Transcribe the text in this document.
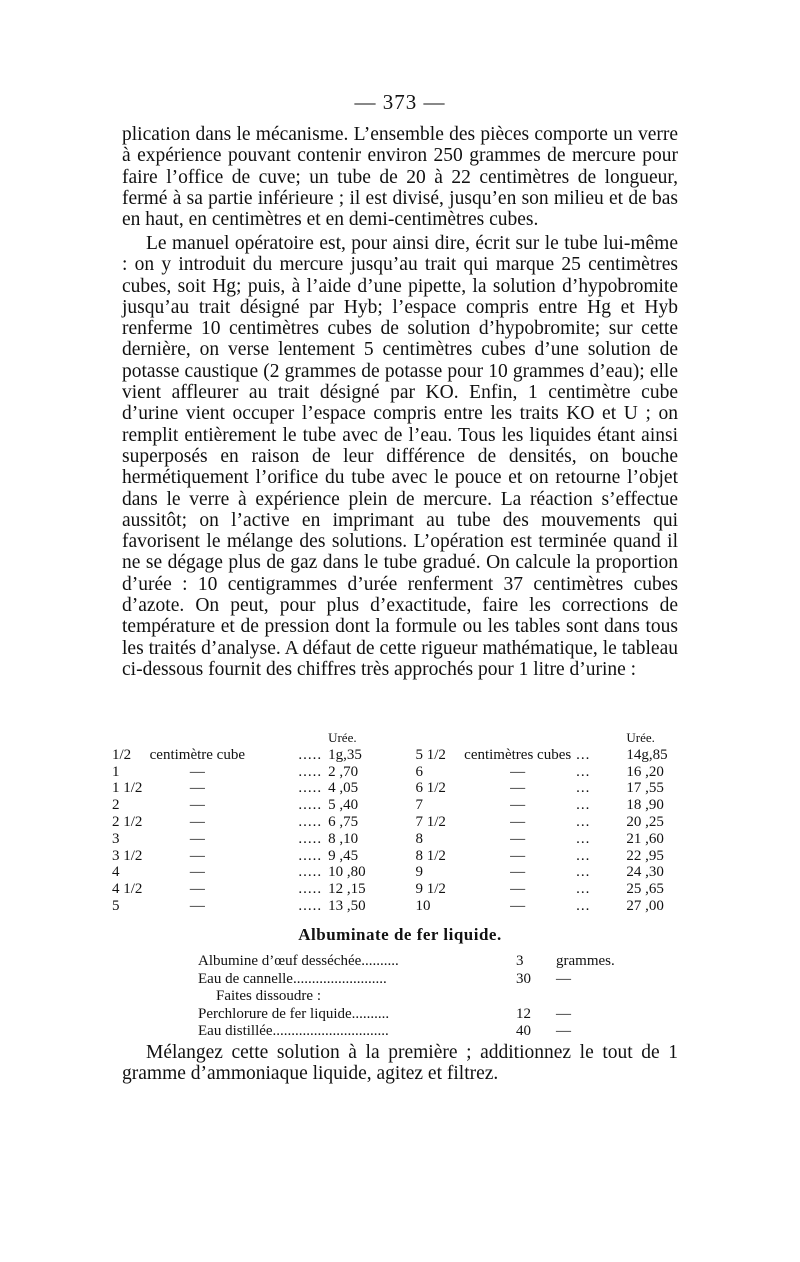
— 373 —

plication dans le mécanisme. L’ensemble des pièces comporte un verre à expérience pouvant contenir environ 250 grammes de mercure pour faire l’office de cuve; un tube de 20 à 22 centimètres de longueur, fermé à sa partie inférieure ; il est divisé, jusqu’en son milieu et de bas en haut, en centimètres et en demi-centimètres cubes.

Le manuel opératoire est, pour ainsi dire, écrit sur le tube lui-même : on y introduit du mercure jusqu’au trait qui marque 25 centimètres cubes, soit Hg; puis, à l’aide d’une pipette, la solution d’hypobromite jusqu’au trait désigné par Hyb; l’espace compris entre Hg et Hyb renferme 10 centimètres cubes de solution d’hypobromite; sur cette dernière, on verse lentement 5 centimètres cubes d’une solution de potasse caustique (2 grammes de potasse pour 10 grammes d’eau); elle vient affleurer au trait désigné par KO. Enfin, 1 centimètre cube d’urine vient occuper l’espace compris entre les traits KO et U ; on remplit entièrement le tube avec de l’eau. Tous les liquides étant ainsi superposés en raison de leur différence de densités, on bouche hermétiquement l’orifice du tube avec le pouce et on retourne l’objet dans le verre à expérience plein de mercure. La réaction s’effectue aussitôt; on l’active en imprimant au tube des mouvements qui favorisent le mélange des solutions. L’opération est terminée quand il ne se dégage plus de gaz dans le tube gradué. On calcule la proportion d’urée : 10 centigrammes d’urée renferment 37 centimètres cubes d’azote. On peut, pour plus d’exactitude, faire les corrections de température et de pression dont la formule ou les tables sont dans tous les traités d’analyse. A défaut de cette rigueur mathématique, le tableau ci-dessous fournit des chiffres très approchés pour 1 litre d’urine :

			Urée.				Urée.
1/2	centimètre cube	.....	1g,35	5 1/2	centimètres cubes	...	14g,85
1	—	.....	2 ,70	6	—	...	16 ,20
1 1/2	—	.....	4 ,05	6 1/2	—	...	17 ,55
2	—	.....	5 ,40	7	—	...	18 ,90
2 1/2	—	.....	6 ,75	7 1/2	—	...	20 ,25
3	—	.....	8 ,10	8	—	...	21 ,60
3 1/2	—	.....	9 ,45	8 1/2	—	...	22 ,95
4	—	.....	10 ,80	9	—	...	24 ,30
4 1/2	—	.....	12 ,15	9 1/2	—	...	25 ,65
5	—	.....	13 ,50	10	—	...	27 ,00
Albuminate de fer liquide.
Albumine d’œuf desséchée..........	3	grammes.
Eau de cannelle.........................	30	—
Faites dissoudre :		
Perchlorure de fer liquide..........	12	—
Eau distillée...............................	40	—

Mélangez cette solution à la première ; additionnez le tout de 1 gramme d’ammoniaque liquide, agitez et filtrez.
